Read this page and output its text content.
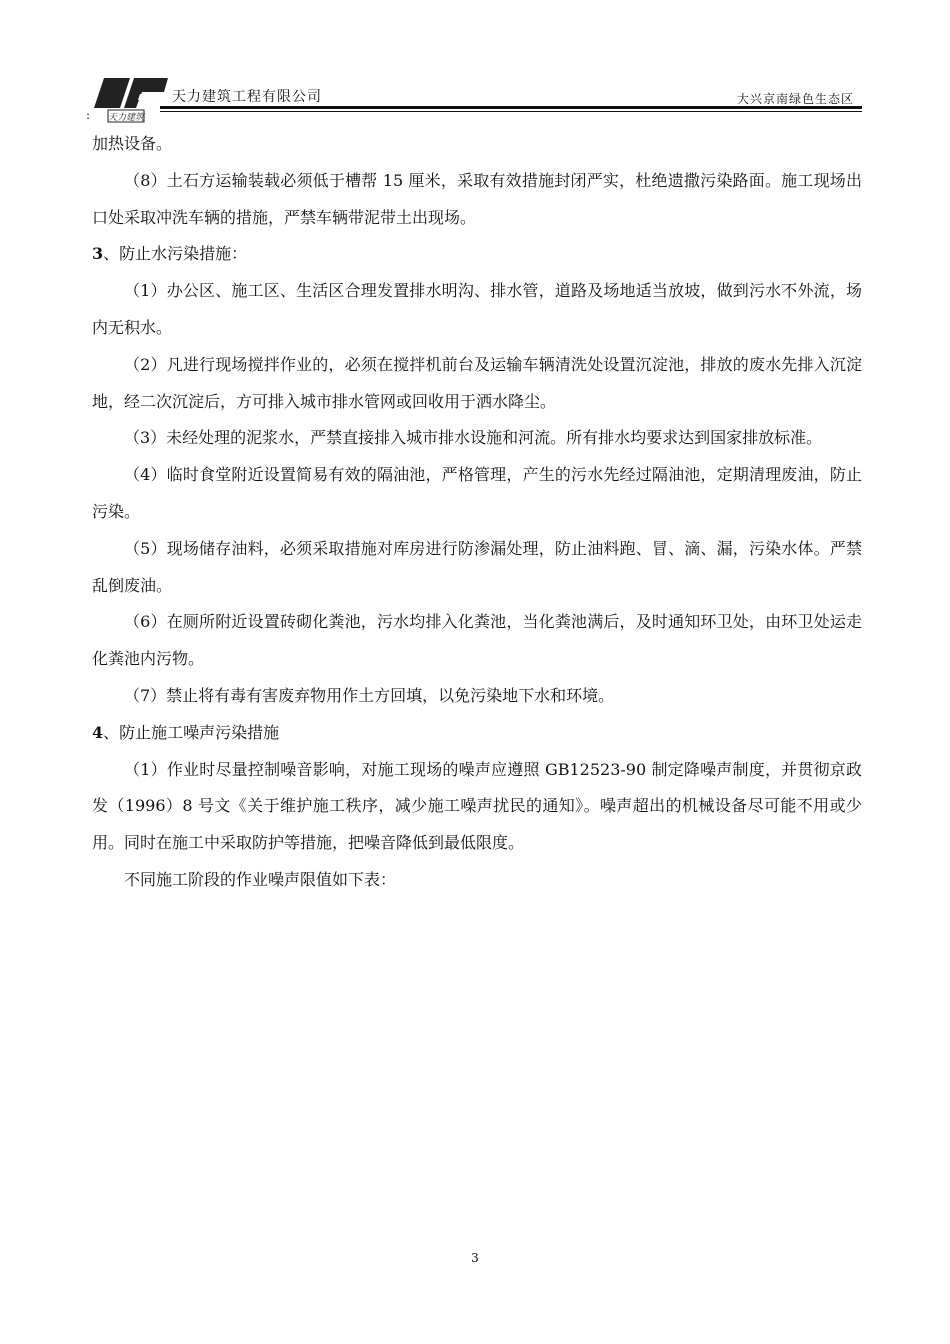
天力建筑
天力建筑工程有限公司	大兴京南绿色生态区
:

加热设备。

（8）土石方运输装载必须低于槽帮 15 厘米，采取有效措施封闭严实，杜绝遗撒污染路面。施工现场出口处采取冲洗车辆的措施，严禁车辆带泥带土出现场。

3、防止水污染措施：

（1）办公区、施工区、生活区合理发置排水明沟、排水管，道路及场地适当放坡，做到污水不外流，场内无积水。

（2）凡进行现场搅拌作业的，必须在搅拌机前台及运输车辆清洗处设置沉淀池，排放的废水先排入沉淀地，经二次沉淀后，方可排入城市排水管网或回收用于洒水降尘。

（3）未经处理的泥浆水，严禁直接排入城市排水设施和河流。所有排水均要求达到国家排放标准。

（4）临时食堂附近设置简易有效的隔油池，严格管理，产生的污水先经过隔油池，定期清理废油，防止污染。

（5）现场储存油料，必须采取措施对库房进行防渗漏处理，防止油料跑、冒、滴、漏，污染水体。严禁乱倒废油。

（6）在厕所附近设置砖砌化粪池，污水均排入化粪池，当化粪池满后，及时通知环卫处，由环卫处运走化粪池内污物。

（7）禁止将有毒有害废弃物用作土方回填，以免污染地下水和环境。

4、防止施工噪声污染措施

（1）作业时尽量控制噪音影响，对施工现场的噪声应遵照 GB12523-90 制定降噪声制度，并贯彻京政发（1996）8 号文《关于维护施工秩序，减少施工噪声扰民的通知》。噪声超出的机械设备尽可能不用或少用。同时在施工中采取防护等措施，把噪音降低到最低限度。

不同施工阶段的作业噪声限值如下表：

3
